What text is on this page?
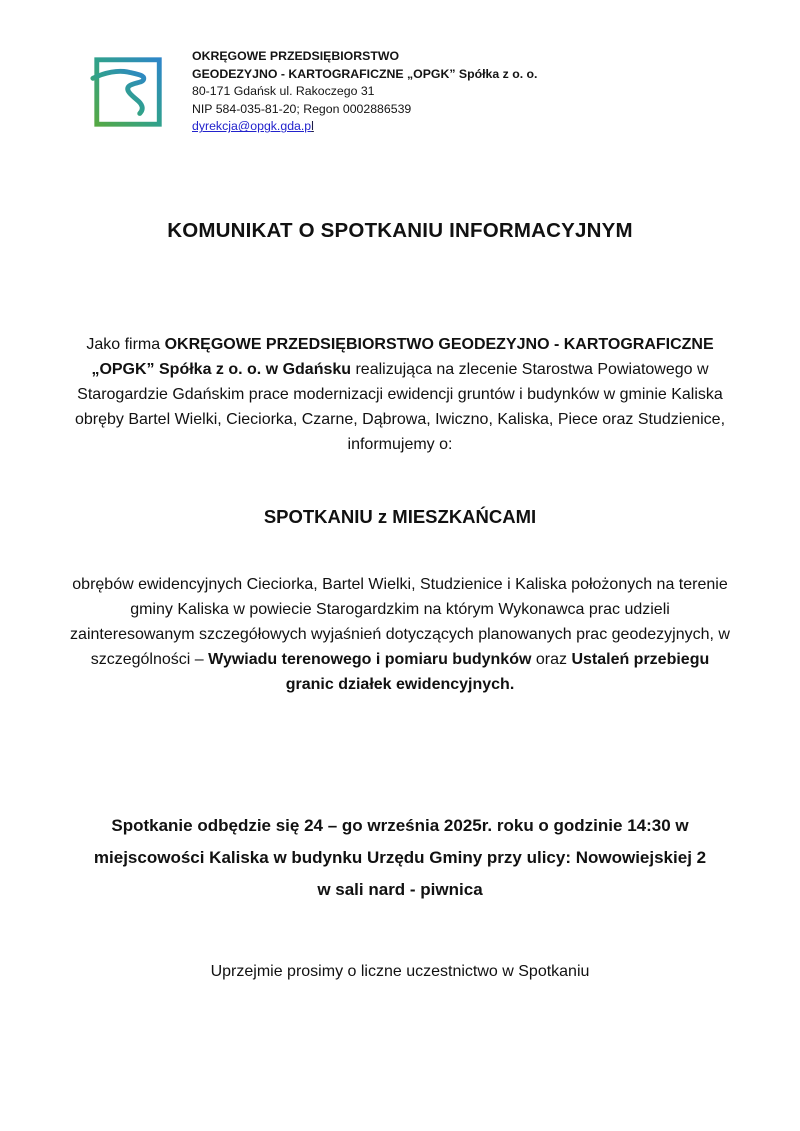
OKRĘGOWE PRZEDSIĘBIORSTWO
GEODEZYJNO - KARTOGRAFICZNE „OPGK” Spółka z o. o.
80-171 Gdańsk ul. Rakoczego 31
NIP 584-035-81-20; Regon 0002886539
dyrekcja@opgk.gda.pl
KOMUNIKAT O SPOTKANIU INFORMACYJNYM

Jako firma OKRĘGOWE PRZEDSIĘBIORSTWO GEODEZYJNO - KARTOGRAFICZNE „OPGK” Spółka z o. o. w Gdańsku realizująca na zlecenie Starostwa Powiatowego w Starogardzie Gdańskim prace modernizacji ewidencji gruntów i budynków w gminie Kaliska obręby Bartel Wielki, Cieciorka, Czarne, Dąbrowa, Iwiczno, Kaliska, Piece oraz Studzienice, informujemy o:

SPOTKANIU z MIESZKAŃCAMI

obrębów ewidencyjnych Cieciorka, Bartel Wielki, Studzienice i Kaliska położonych na terenie gminy Kaliska w powiecie Starogardzkim na którym Wykonawca prac udzieli zainteresowanym szczegółowych wyjaśnień dotyczących planowanych prac geodezyjnych, w szczególności – Wywiadu terenowego i pomiaru budynków oraz Ustaleń przebiegu granic działek ewidencyjnych.

Spotkanie odbędzie się 24 – go września 2025r. roku o godzinie 14:30 w miejscowości Kaliska w budynku Urzędu Gminy przy ulicy: Nowowiejskiej 2 w sali nard - piwnica

Uprzejmie prosimy o liczne uczestnictwo w Spotkaniu
